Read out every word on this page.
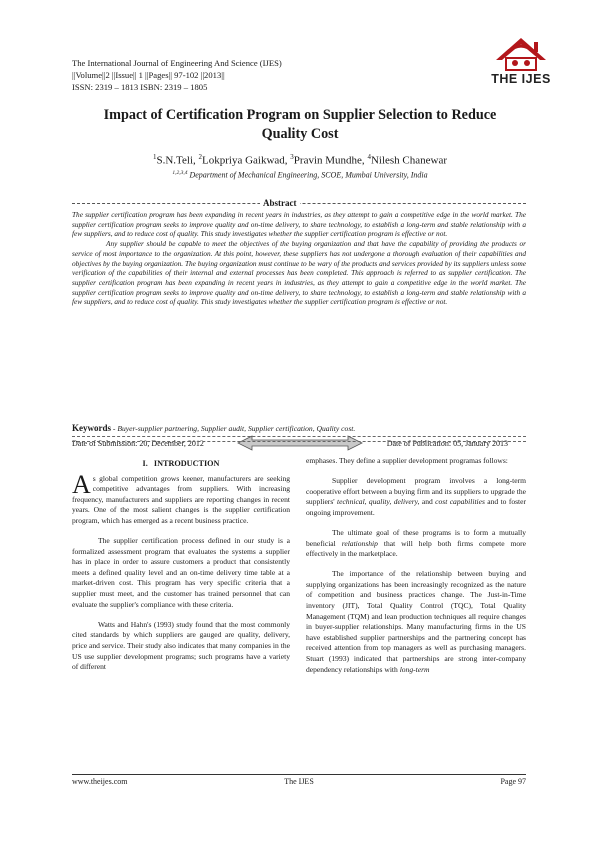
The International Journal of Engineering And Science (IJES)
||Volume||2 ||Issue|| 1 ||Pages|| 97-102 ||2013||
ISSN: 2319 – 1813 ISBN: 2319 – 1805
THE IJES
Impact of Certification Program on Supplier Selection to Reduce Quality Cost
$^1$S.N.Teli, $^2$Lokpriya Gaikwad, $^3$Pravin Mundhe, $^4$Nilesh Chanewar
$^{1,2,3,4}$ Department of Mechanical Engineering, SCOE, Mumbai University, India
Abstract

The supplier certification program has been expanding in recent years in industries, as they attempt to gain a competitive edge in the world market. The supplier certification program seeks to improve quality and on-time delivery, to share technology, to establish a long-term and stable relationship with a few suppliers, and to reduce cost of quality. This study investigates whether the supplier certification program is effective or not.

Any supplier should be capable to meet the objectives of the buying organization and that have the capability of providing the products or service of most importance to the organization. At this point, however, these suppliers has not undergone a thorough evaluation of their capabilities and objectives by the buying organization. The buying organization must continue to be wary of the products and services provided by its suppliers unless some verification of the capabilities of their internal and external processes has been completed. This approach is referred to as supplier certification. The supplier certification program has been expanding in recent years in industries, as they attempt to gain a competitive edge in the world market. The supplier certification program seeks to improve quality and on-time delivery, to share technology, to establish a long-term and stable relationship with a few suppliers, and to reduce cost of quality. This study investigates whether the supplier certification program is effective or not.

Keywords - Buyer-supplier partnering, Supplier audit, Supplier certification, Quality cost.
Date of Submission: 20, December, 2012	Date of Publication: 05, January 2013
I. INTRODUCTION

As global competition grows keener, manufacturers are seeking competitive advantages from suppliers. With increasing frequency, manufacturers and suppliers are reporting changes in recent years. One of the most salient changes is the supplier certification program, which has emerged as a recent business practice.

The supplier certification process defined in our study is a formalized assessment program that evaluates the systems a supplier has in place in order to assure customers a product that consistently meets a defined quality level and an on-time delivery time table at a market-driven cost. This program has very specific criteria that a supplier must meet, and the customer has trained personnel that can evaluate the supplier's compliance with these criteria.

Watts and Hahn's (1993) study found that the most commonly cited standards by which suppliers are gauged are quality, delivery, price and service. Their study also indicates that many companies in the US use supplier development programs; such programs have a variety of different

emphases. They define a supplier development programas follows:

Supplier development program involves a long-term cooperative effort between a buying firm and its suppliers to upgrade the suppliers' technical, quality, delivery, and cost capabilities and to foster ongoing improvement.

The ultimate goal of these programs is to form a mutually beneficial relationship that will help both firms compete more effectively in the marketplace.

The importance of the relationship between buying and supplying organizations has been increasingly recognized as the nature of competition and business practices change. The Just-in-Time inventory (JIT), Total Quality Control (TQC), Total Quality Management (TQM) and lean production techniques all require changes in buyer-supplier relationships. Many manufacturing firms in the US have established supplier partnerships and the partnering concept has received attention from top managers as well as purchasing managers. Stuart (1993) indicated that partnerships are strong inter-company dependency relationships with long-term

www.theijes.com	The IJES	Page 97
